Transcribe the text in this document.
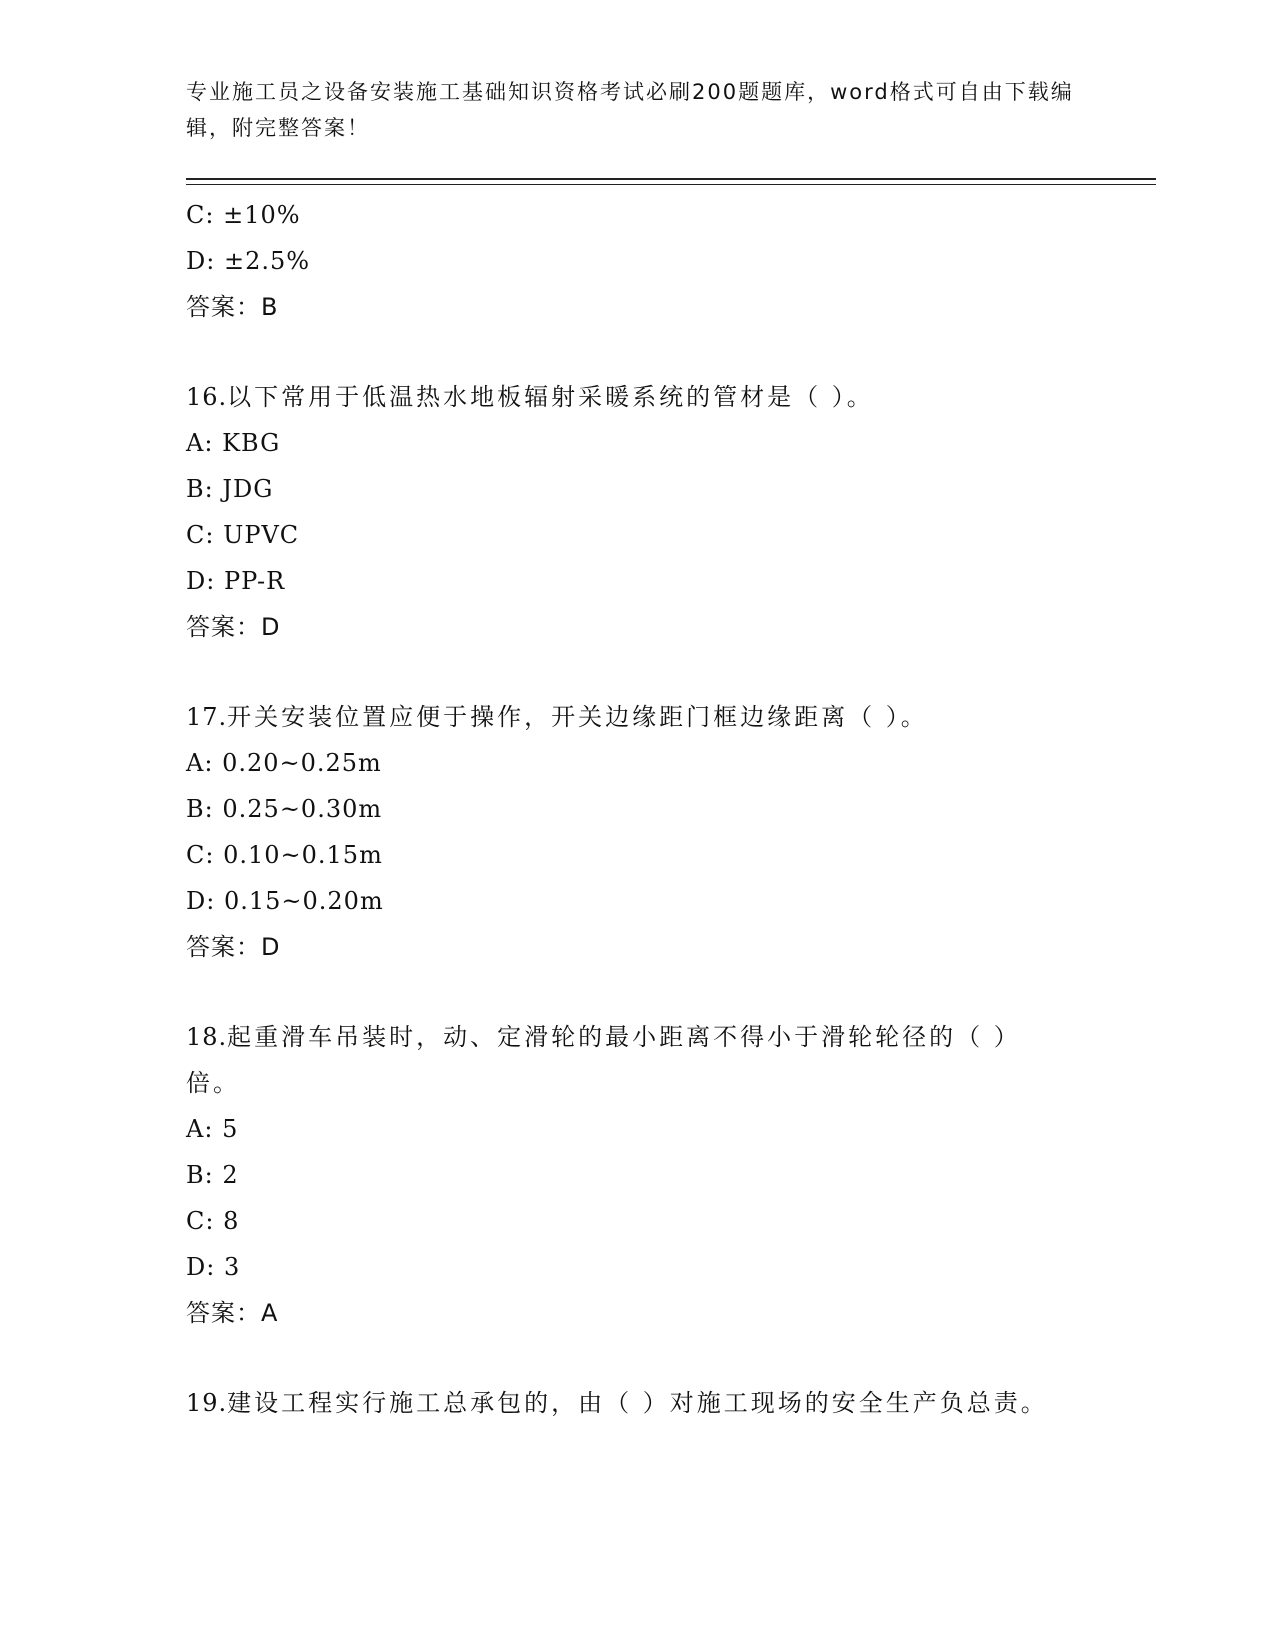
专业施工员之设备安装施工基础知识资格考试必刷200题题库，word格式可自由下载编辑，附完整答案！
C: ±10%
D: ±2.5%
答案：B
16.以下常用于低温热水地板辐射采暖系统的管材是（ ）。
A: KBG
B: JDG
C: UPVC
D: PP-R
答案：D
17.开关安装位置应便于操作，开关边缘距门框边缘距离（ ）。
A: 0.20~0.25m
B: 0.25~0.30m
C: 0.10~0.15m
D: 0.15~0.20m
答案：D
18.起重滑车吊装时，动、定滑轮的最小距离不得小于滑轮轮径的（ ）倍。
A: 5
B: 2
C: 8
D: 3
答案：A
19.建设工程实行施工总承包的，由（ ）对施工现场的安全生产负总责。
